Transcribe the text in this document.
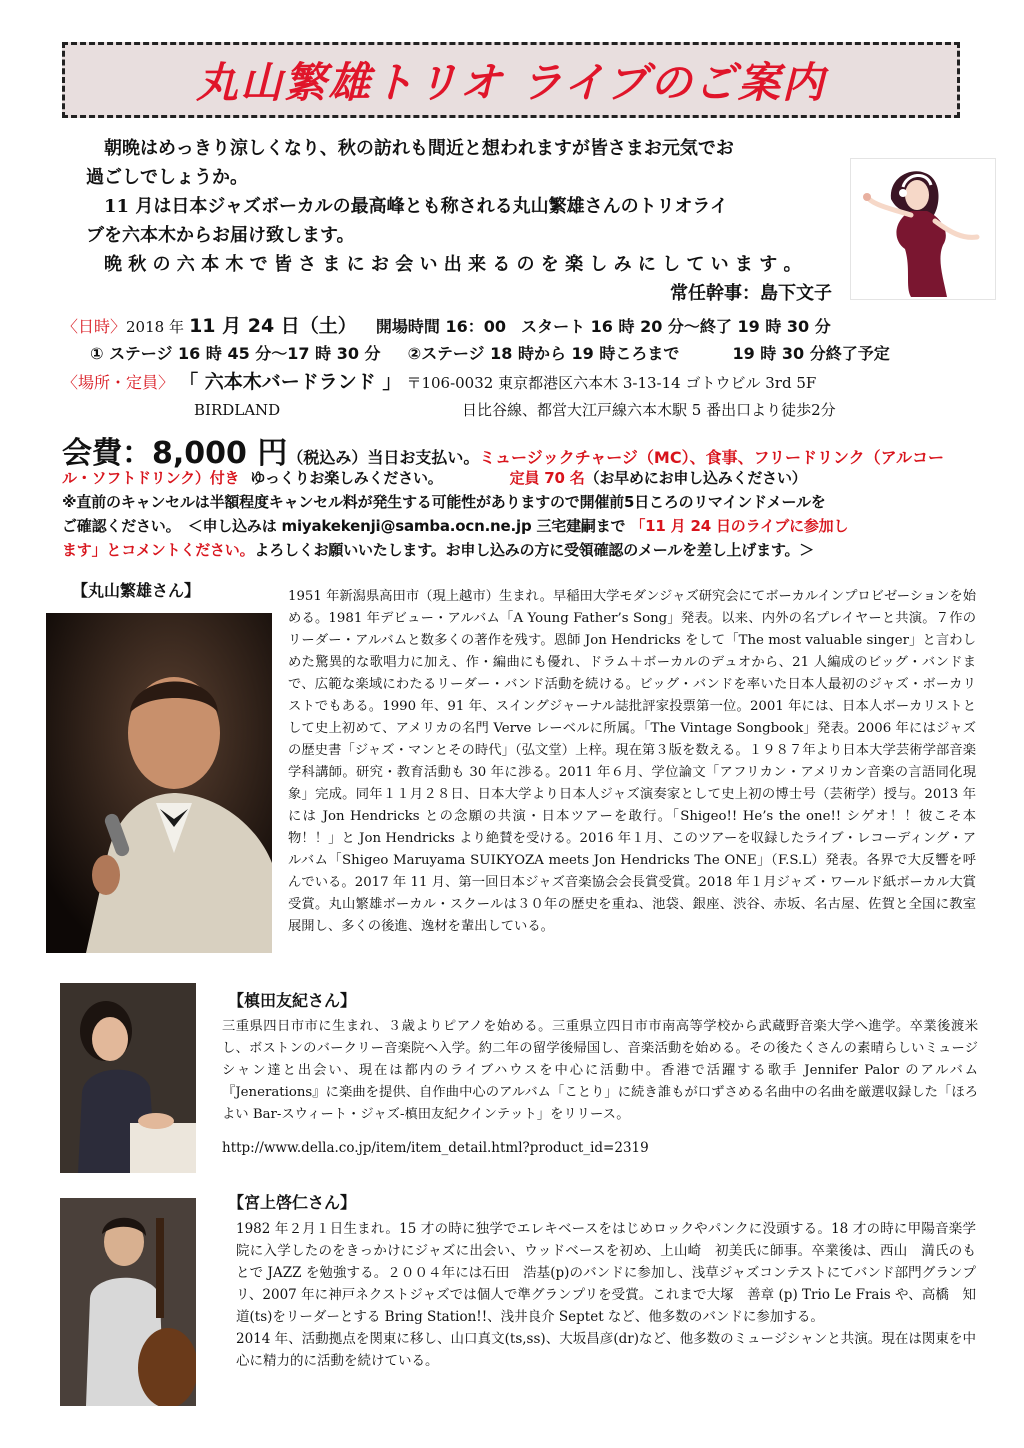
丸山繁雄トリオ ライブのご案内

　朝晩はめっきり涼しくなり、秋の訪れも間近と想われますが皆さまお元気でお

過ごしでしょうか。

　11 月は日本ジャズボーカルの最高峰とも称される丸山繁雄さんのトリオライ

ブを六本木からお届け致します。

　晩 秋 の 六 本 木 で 皆 さ ま に お 会 い 出 来 る の を 楽 し み に し て い ま す 。

常任幹事：島下文子

〈日時〉2018 年 11 月 24 日（土） 開場時間 16：00 スタート 16 時 20 分〜終了 19 時 30 分
① ステージ 16 時 45 分〜17 時 30 分 ②ステージ 18 時から 19 時ころまで	19 時 30 分終了予定
〈場所・定員〉 「 六本木バードランド 」 〒106-0032 東京都港区六本木 3-13-14 ゴトウビル 3rd 5F
BIRDLAND	日比谷線、都営大江戸線六本木駅 5 番出口より徒歩2分
会費：8,000 円（税込み）当日お支払い。ミュージックチャージ（MC）、食事、フリードリンク（アルコー
ル・ソフトドリンク）付き ゆっくりお楽しみください。	定員 70 名（お早めにお申し込みください）
※直前のキャンセルは半額程度キャンセル料が発生する可能性がありますので開催前5日ころのリマインドメールを
ご確認ください。　＜申し込みは miyakekenji@samba.ocn.ne.jp 三宅建嗣まで 「11 月 24 日のライブに参加し
ます」とコメントください。よろしくお願いいたします。お申し込みの方に受領確認のメールを差し上げます。＞
【丸山繁雄さん】	1951 年新潟県高田市（現上越市）生まれ。早稲田大学モダンジャズ研究会にてボーカルインプロビゼーションを始める。1981 年デビュー・アルバム「A Young Father’s Song」発表。以来、内外の名プレイヤーと共演。７作のリーダー・アルバムと数多くの著作を残す。恩師 Jon Hendricks をして「The most valuable singer」と言わしめた驚異的な歌唱力に加え、作・編曲にも優れ、ドラム＋ボーカルのデュオから、21 人編成のビッグ・バンドまで、広範な楽域にわたるリーダー・バンド活動を続ける。ビッグ・バンドを率いた日本人最初のジャズ・ボーカリストでもある。1990 年、91 年、スイングジャーナル誌批評家投票第一位。2001 年には、日本人ボーカリストとして史上初めて、アメリカの名門 Verve レーベルに所属。「The Vintage Songbook」発表。2006 年にはジャズの歴史書「ジャズ・マンとその時代」（弘文堂）上梓。現在第３版を数える。１９８７年より日本大学芸術学部音楽学科講師。研究・教育活動も 30 年に渉る。2011 年６月、学位論文「アフリカン・アメリカン音楽の言語同化現象」完成。同年１１月２８日、日本大学より日本人ジャズ演奏家として史上初の博士号（芸術学）授与。2013 年には Jon Hendricks との念願の共演・日本ツアーを敢行。「Shigeo!! He’s the one!! シゲオ！！彼こそ本物！！」と Jon Hendricks より絶賛を受ける。2016 年１月、このツアーを収録したライブ・レコーディング・アルバム「Shigeo Maruyama SUIKYOZA meets Jon Hendricks The ONE」（F.S.L）発表。各界で大反響を呼んでいる。2017 年 11 月、第一回日本ジャズ音楽協会会長賞受賞。2018 年１月ジャズ・ワールド紙ボーカル大賞受賞。丸山繁雄ボーカル・スクールは３０年の歴史を重ね、池袋、銀座、渋谷、赤坂、名古屋、佐賀と全国に教室展開し、多くの後進、逸材を輩出している。
【槙田友紀さん】
三重県四日市市に生まれ、３歳よりピアノを始める。三重県立四日市市南高等学校から武蔵野音楽大学へ進学。卒業後渡米し、ボストンのバークリー音楽院へ入学。約二年の留学後帰国し、音楽活動を始める。その後たくさんの素晴らしいミュージシャン達と出会い、現在は都内のライブハウスを中心に活動中。香港で活躍する歌手 Jennifer Palor のアルバム『Jenerations』に楽曲を提供、自作曲中心のアルバム「ことり」に続き誰もが口ずさめる名曲中の名曲を厳選収録した「ほろよい Bar-スウィート・ジャズ-槙田友紀クインテット」をリリース。
http://www.della.co.jp/item/item_detail.html?product_id=2319
【宮上啓仁さん】

1982 年２月１日生まれ。15 才の時に独学でエレキベースをはじめロックやパンクに没頭する。18 才の時に甲陽音楽学院に入学したのをきっかけにジャズに出会い、ウッドベースを初め、上山崎　初美氏に師事。卒業後は、西山　満氏のもとで JAZZ を勉強する。２００４年には石田　浩基(p)のバンドに参加し、浅草ジャズコンテストにてバンド部門グランプリ、2007 年に神戸ネクストジャズでは個人で準グランプリを受賞。これまで大塚　善章 (p) Trio Le Frais や、高橋　知道(ts)をリーダーとする Bring Station!!、浅井良介 Septet など、他多数のバンドに参加する。

2014 年、活動拠点を関東に移し、山口真文(ts,ss)、大坂昌彦(dr)など、他多数のミュージシャンと共演。現在は関東を中心に精力的に活動を続けている。
